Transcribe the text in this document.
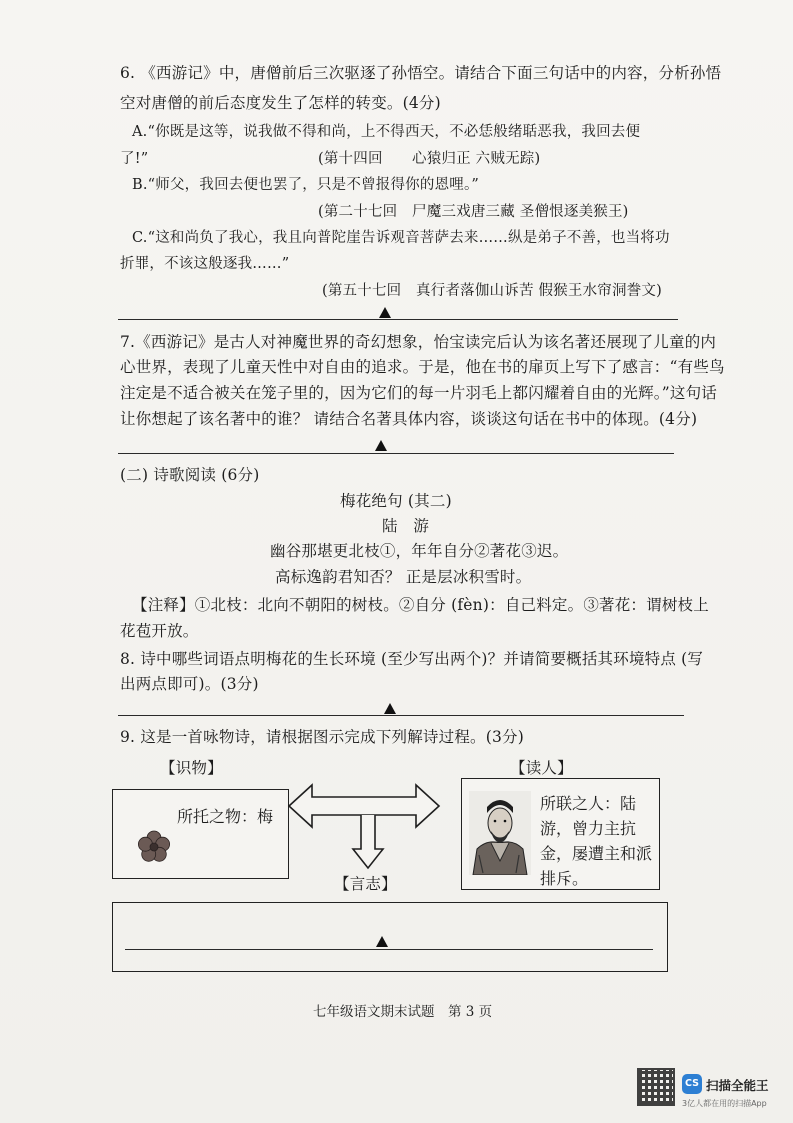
6. 《西游记》中，唐僧前后三次驱逐了孙悟空。请结合下面三句话中的内容，分析孙悟
空对唐僧的前后态度发生了怎样的转变。(4分)
A.“你既是这等，说我做不得和尚，上不得西天，不必恁般绪聒恶我，我回去便
了!”	(第十四回　　心猿归正 六贼无踪)
B.“师父，我回去便也罢了，只是不曾报得你的恩哩。”
(第二十七回　尸魔三戏唐三藏 圣僧恨逐美猴王)
C.“这和尚负了我心，我且向普陀崖告诉观音菩萨去来……纵是弟子不善，也当将功
折罪，不该这般逐我……”
(第五十七回　真行者落伽山诉苦 假猴王水帘洞誊文)
7.《西游记》是古人对神魔世界的奇幻想象，怡宝读完后认为该名著还展现了儿童的内
心世界，表现了儿童天性中对自由的追求。于是，他在书的扉页上写下了感言：“有些鸟
注定是不适合被关在笼子里的，因为它们的每一片羽毛上都闪耀着自由的光辉。”这句话
让你想起了该名著中的谁？ 请结合名著具体内容，谈谈这句话在书中的体现。(4分)
(二) 诗歌阅读 (6分)
梅花绝句 (其二)
陆　游
幽谷那堪更北枝①，年年自分②著花③迟。
高标逸韵君知否？ 正是层冰积雪时。
【注释】①北枝：北向不朝阳的树枝。②自分 (fèn)：自己料定。③著花：谓树枝上
花苞开放。
8. 诗中哪些词语点明梅花的生长环境 (至少写出两个)？并请简要概括其环境特点 (写
出两点即可)。(3分)
9. 这是一首咏物诗，请根据图示完成下列解诗过程。(3分)
【识物】	【读人】
所托之物：梅
所联之人：陆
游，曾力主抗
金，屡遭主和派
排斥。
【言志】
七年级语文期末试题　第 3 页
CS 扫描全能王
3亿人都在用的扫描App
